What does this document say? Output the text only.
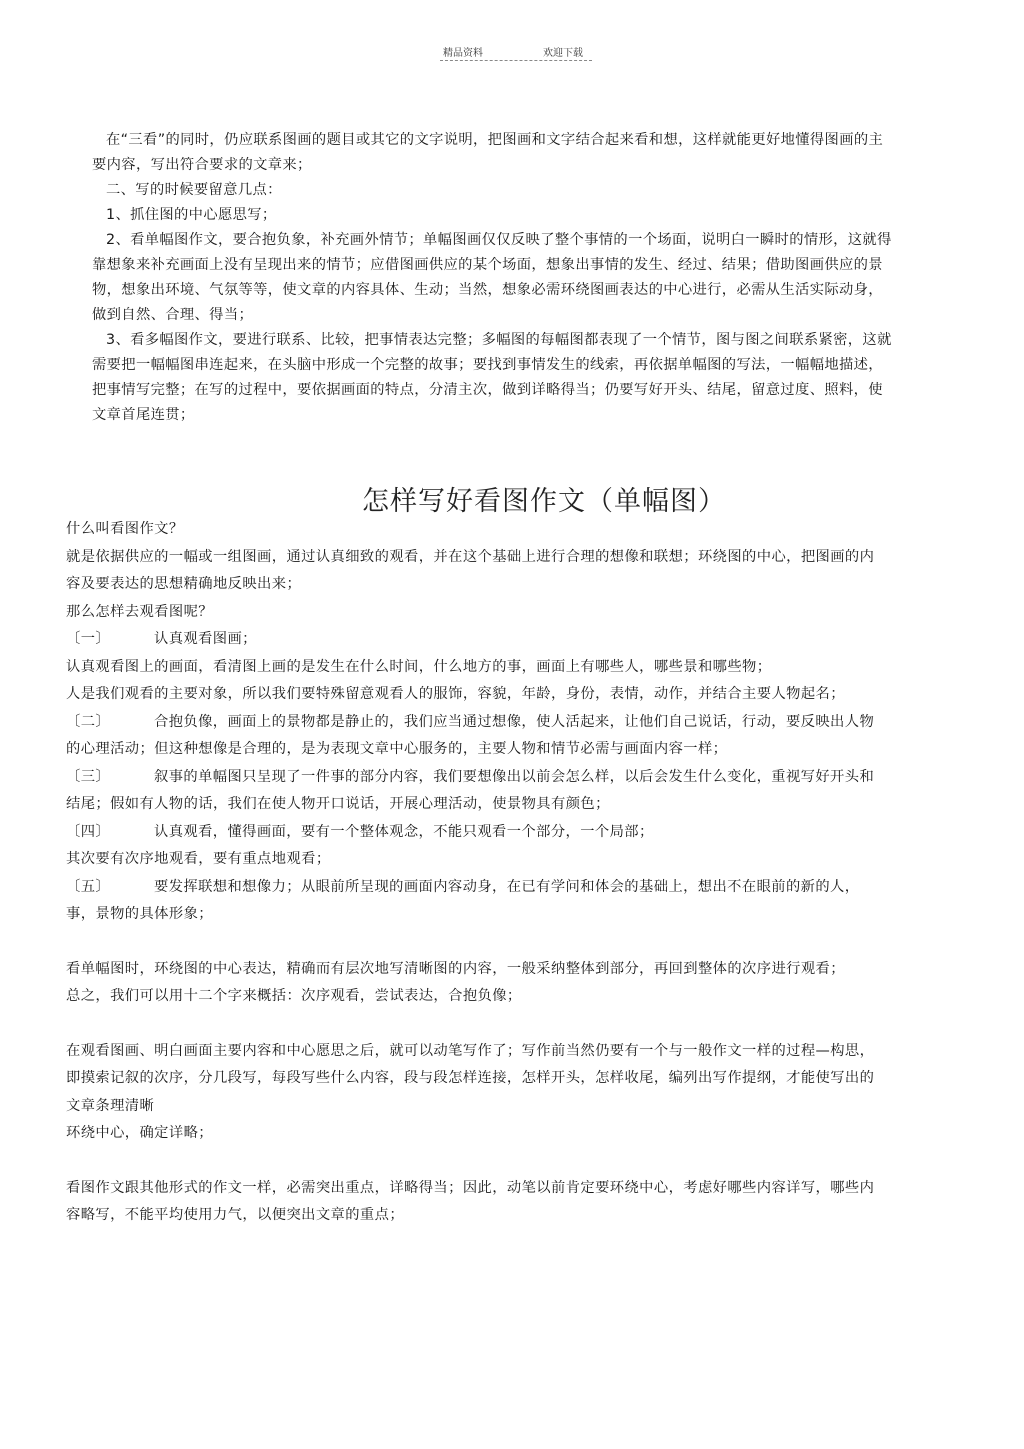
精品资料	欢迎下载

在“三看”的同时，仍应联系图画的题目或其它的文字说明，把图画和文字结合起来看和想，这样就能更好地懂得图画的主要内容，写出符合要求的文章来；

二、写的时候要留意几点：

1、抓住图的中心愿思写；

2、看单幅图作文，要合抱负象，补充画外情节；单幅图画仅仅反映了整个事情的一个场面，说明白一瞬时的情形，这就得靠想象来补充画面上没有呈现出来的情节；应借图画供应的某个场面，想象出事情的发生、经过、结果；借助图画供应的景物，想象出环境、气氛等等，使文章的内容具体、生动；当然，想象必需环绕图画表达的中心进行，必需从生活实际动身，做到自然、合理、得当；

3、看多幅图作文，要进行联系、比较，把事情表达完整；多幅图的每幅图都表现了一个情节，图与图之间联系紧密，这就需要把一幅幅图串连起来，在头脑中形成一个完整的故事；要找到事情发生的线索，再依据单幅图的写法，一幅幅地描述，把事情写完整；在写的过程中，要依据画面的特点，分清主次，做到详略得当；仍要写好开头、结尾，留意过度、照料，使文章首尾连贯；

怎样写好看图作文（单幅图）

什么叫看图作文？

就是依据供应的一幅或一组图画，通过认真细致的观看，并在这个基础上进行合理的想像和联想；环绕图的中心，把图画的内容及要表达的思想精确地反映出来；

那么怎样去观看图呢？

〔一〕	认真观看图画；

认真观看图上的画面，看清图上画的是发生在什么时间，什么地方的事，画面上有哪些人，哪些景和哪些物；

人是我们观看的主要对象，所以我们要特殊留意观看人的服饰，容貌，年龄，身份，表情，动作，并结合主要人物起名；

〔二〕	合抱负像，画面上的景物都是静止的，我们应当通过想像，使人活起来，让他们自己说话，行动，要反映出人物的心理活动；但这种想像是合理的，是为表现文章中心服务的，主要人物和情节必需与画面内容一样；

〔三〕	叙事的单幅图只呈现了一件事的部分内容，我们要想像出以前会怎么样，以后会发生什么变化，重视写好开头和结尾；假如有人物的话，我们在使人物开口说话，开展心理活动，使景物具有颜色；

〔四〕	认真观看，懂得画面，要有一个整体观念，不能只观看一个部分，一个局部；

其次要有次序地观看，要有重点地观看；

〔五〕	要发挥联想和想像力；从眼前所呈现的画面内容动身，在已有学问和体会的基础上，想出不在眼前的新的人，事，景物的具体形象；

看单幅图时，环绕图的中心表达，精确而有层次地写清晰图的内容，一般采纳整体到部分，再回到整体的次序进行观看；

总之，我们可以用十二个字来概括：次序观看，尝试表达，合抱负像；

在观看图画、明白画面主要内容和中心愿思之后，就可以动笔写作了；写作前当然仍要有一个与一般作文一样的过程—构思，即摸索记叙的次序，分几段写，每段写些什么内容，段与段怎样连接，怎样开头，怎样收尾，编列出写作提纲，才能使写出的文章条理清晰

环绕中心，确定详略；

看图作文跟其他形式的作文一样，必需突出重点，详略得当；因此，动笔以前肯定要环绕中心，考虑好哪些内容详写，哪些内容略写，不能平均使用力气，以便突出文章的重点；
